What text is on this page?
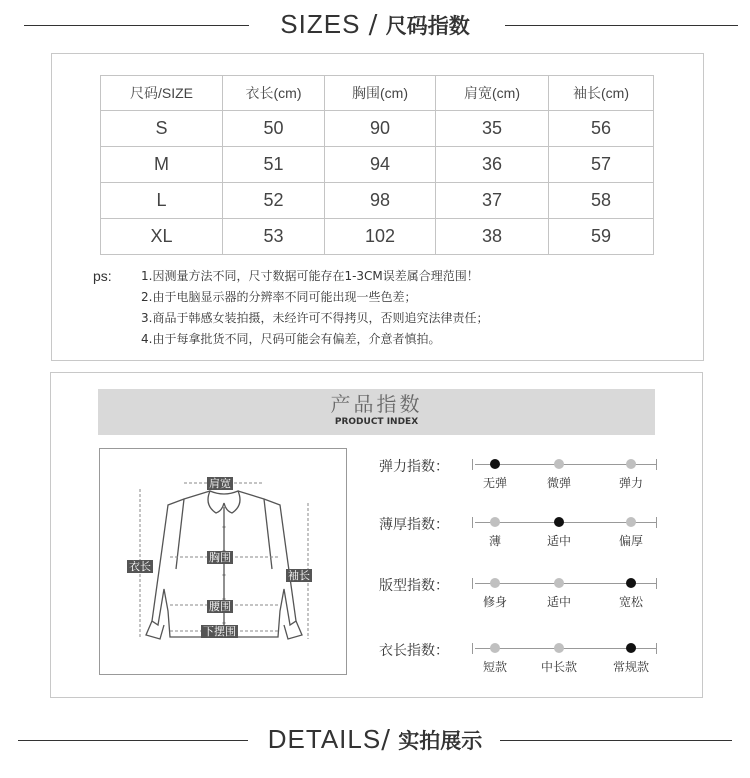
SIZES / 尺码指数
尺码/SIZE	衣长(cm)	胸围(cm)	肩宽(cm)	袖长(cm)
S	50	90	35	56
M	51	94	36	57
L	52	98	37	58
XL	53	102	38	59
ps: 1.因测量方法不同，尺寸数据可能存在1-3CM误差属合理范围！
2.由于电脑显示器的分辨率不同可能出现一些色差；
3.商品于韩感女装拍摄，未经许可不得拷贝，否则追究法律责任；
4.由于每拿批货不同，尺码可能会有偏差，介意者慎拍。
产品指数
PRODUCT INDEX
肩宽
衣长
胸围
袖长
腰围
下摆围
弹力指数：
无弹	微弹	弹力
薄厚指数：
薄	适中	偏厚
版型指数：
修身	适中	宽松
衣长指数：
短款	中长款	常规款
DETAILS/ 实拍展示
